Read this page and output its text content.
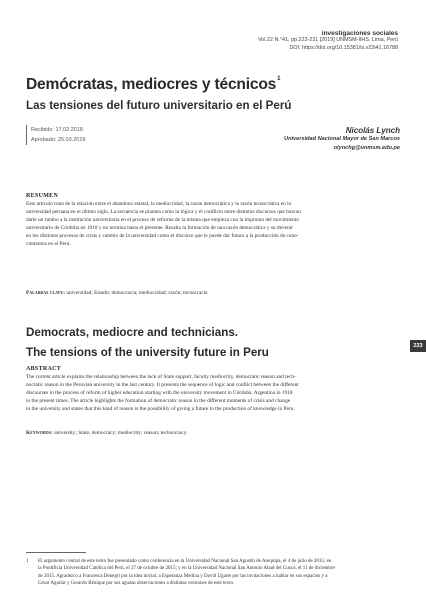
investigaciones sociales
Vol.22 N.°41, pp.223-231 [2019] UNMSM-IIHS. Lima, Perú
DOI: https://doi.org/10.15381/is.v22i41.16788
Demócratas, mediocres y técnicos$^1$
Las tensiones del futuro universitario en el Perú
Recibido: 17.02.2018
Aprobado: 25.03.2019
Nicolás Lynch
Universidad Nacional Mayor de San Marcos
nlynchg@unmsm.edu.pe
RESUMEN
Este artículo trata de la relación entre el abandono estatal, la mediocridad, la razón democrática y la razón tecnocrática en la
universidad peruana en el último siglo. La secuencia se plantea como la lógica y el conflicto entre distintos discursos que buscan
darle un rumbo a la institución universitaria en el proceso de reforma de la misma que empieza con la impronta del movimiento
universitario de Córdoba en 1918 y no termina hasta el presente. Resalta la formación de una razón democrática y su devenir
en los distintos procesos de crisis y cambio de la universidad como el discurso que le puede dar futuro a la producción de cono-
cimientos en el Perú.
Palabras clave: universidad; Estado; democracia; mediocridad; razón; tecnocracia
Democrats, mediocre and technicians.
The tensions of the university future in Peru
ABSTRACT
The current article explains the relationship between the lack of State support, faculty mediocrity, democratic reason and tech-
nocratic reason in the Peruvian university in the last century. It presents the sequence of logic and conflict between the different
discourses in the process of reform of higher education starting with the university movement in Córdoba, Argentina in 1918
to the present times. The article highlights the formation of democratic reason in the different moments of crisis and change
in the university and states that this kind of reason is the possibility of giving a future to the production of knowledge in Peru.
Keywords: university; State; democracy; mediocrity; reason; technocracy.
223
1 El argumento central de este texto fue presentado como conferencia en la Universidad Nacional San Agustín de Arequipa, el 4 de julio de 2015; en
la Pontificia Universidad Católica del Perú, el 27 de octubre de 2015; y en la Universidad Nacional San Antonio Abad del Cusco, el 11 de diciembre
de 2015. Agradezco a Francesca Denegri por la idea inicial, a Esperanza Medina y David Ugarte por las invitaciones a hablar en sus espacios y a
César Aguilar y Gerardo Rénique por sus agudas observaciones a distintas versiones de este texto.
